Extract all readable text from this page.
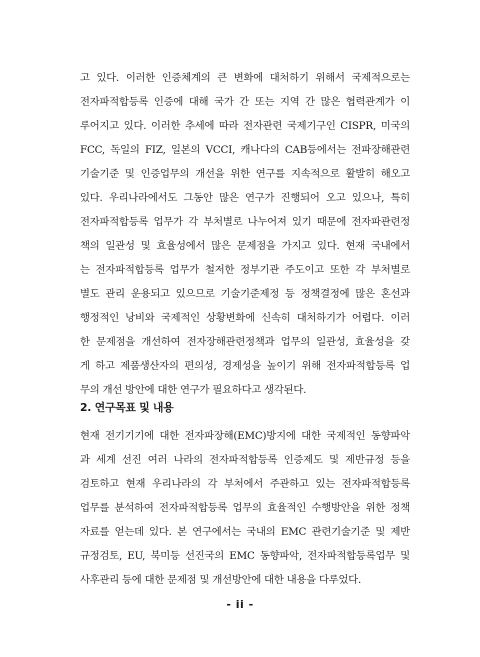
고 있다. 이러한 인증체계의 큰 변화에 대처하기 위해서 국제적으로는
전자파적합등록 인증에 대해 국가 간 또는 지역 간 많은 협력관계가 이
루어지고 있다. 이러한 추세에 따라 전자관련 국제기구인 CISPR, 미국의
FCC, 독일의 FIZ, 일본의 VCCI, 캐나다의 CAB등에서는 전파장해관련
기술기준 및 인증업무의 개선을 위한 연구를 지속적으로 활발히 해오고
있다. 우리나라에서도 그동안 많은 연구가 진행되어 오고 있으나, 특히
전자파적합등록 업무가 각 부처별로 나누어져 있기 때문에 전자파관련정
책의 일관성 및 효율성에서 많은 문제점을 가지고 있다. 현재 국내에서
는 전자파적합등록 업무가 철저한 정부기관 주도이고 또한 각 부처별로
별도 관리 운용되고 있으므로 기술기준제정 등 정책결정에 많은 혼선과
행정적인 낭비와 국제적인 상황변화에 신속히 대처하기가 어렵다. 이러
한 문제점을 개선하여 전자장해관련정책과 업무의 일관성, 효율성을 갖
게 하고 제품생산자의 편의성, 경제성을 높이기 위해 전자파적합등록 업
무의 개선 방안에 대한 연구가 필요하다고 생각된다.
2. 연구목표 및 내용
현재 전기기기에 대한 전자파장해(EMC)방지에 대한 국제적인 동향파악
과 세계 선진 여러 나라의 전자파적합등록 인증제도 및 제반규정 등을
검토하고 현재 우리나라의 각 부처에서 주관하고 있는 전자파적합등록
업무를 분석하여 전자파적합등록 업무의 효율적인 수행방안을 위한 정책
자료를 얻는데 있다. 본 연구에서는 국내의 EMC 관련기술기준 및 제반
규정검토, EU, 북미등 선진국의 EMC 동향파악, 전자파적합등록업무 및
사후관리 등에 대한 문제점 및 개선방안에 대한 내용을 다루었다.
- ii -
